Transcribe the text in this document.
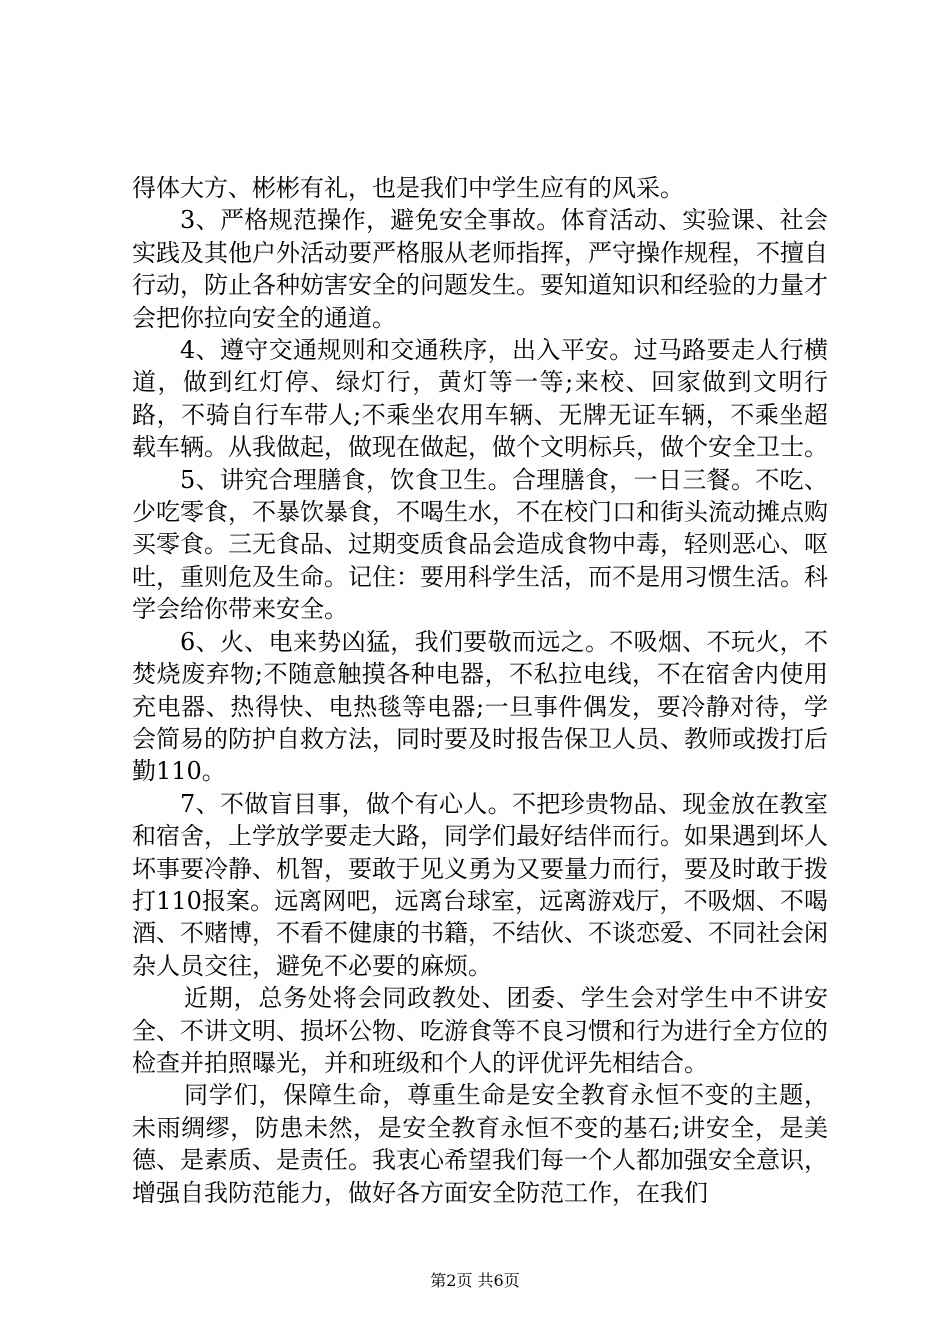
得体大方、彬彬有礼，也是我们中学生应有的风采。

3、严格规范操作，避免安全事故。体育活动、实验课、社会实践及其他户外活动要严格服从老师指挥，严守操作规程，不擅自行动，防止各种妨害安全的问题发生。要知道知识和经验的力量才会把你拉向安全的通道。

4、遵守交通规则和交通秩序，出入平安。过马路要走人行横道，做到红灯停、绿灯行，黄灯等一等;来校、回家做到文明行路，不骑自行车带人;不乘坐农用车辆、无牌无证车辆，不乘坐超载车辆。从我做起，做现在做起，做个文明标兵，做个安全卫士。

5、讲究合理膳食，饮食卫生。合理膳食，一日三餐。不吃、少吃零食，不暴饮暴食，不喝生水，不在校门口和街头流动摊点购买零食。三无食品、过期变质食品会造成食物中毒，轻则恶心、呕吐，重则危及生命。记住：要用科学生活，而不是用习惯生活。科学会给你带来安全。

6、火、电来势凶猛，我们要敬而远之。不吸烟、不玩火，不焚烧废弃物;不随意触摸各种电器，不私拉电线，不在宿舍内使用充电器、热得快、电热毯等电器;一旦事件偶发，要冷静对待，学会简易的防护自救方法，同时要及时报告保卫人员、教师或拨打后勤110。

7、不做盲目事，做个有心人。不把珍贵物品、现金放在教室和宿舍，上学放学要走大路，同学们最好结伴而行。如果遇到坏人坏事要冷静、机智，要敢于见义勇为又要量力而行，要及时敢于拨打110报案。远离网吧，远离台球室，远离游戏厅，不吸烟、不喝酒、不赌博，不看不健康的书籍，不结伙、不谈恋爱、不同社会闲杂人员交往，避免不必要的麻烦。

近期，总务处将会同政教处、团委、学生会对学生中不讲安全、不讲文明、损坏公物、吃游食等不良习惯和行为进行全方位的检查并拍照曝光，并和班级和个人的评优评先相结合。

同学们，保障生命，尊重生命是安全教育永恒不变的主题，未雨绸缪，防患未然，是安全教育永恒不变的基石;讲安全，是美德、是素质、是责任。我衷心希望我们每一个人都加强安全意识，增强自我防范能力，做好各方面安全防范工作，在我们

第2页 共6页
